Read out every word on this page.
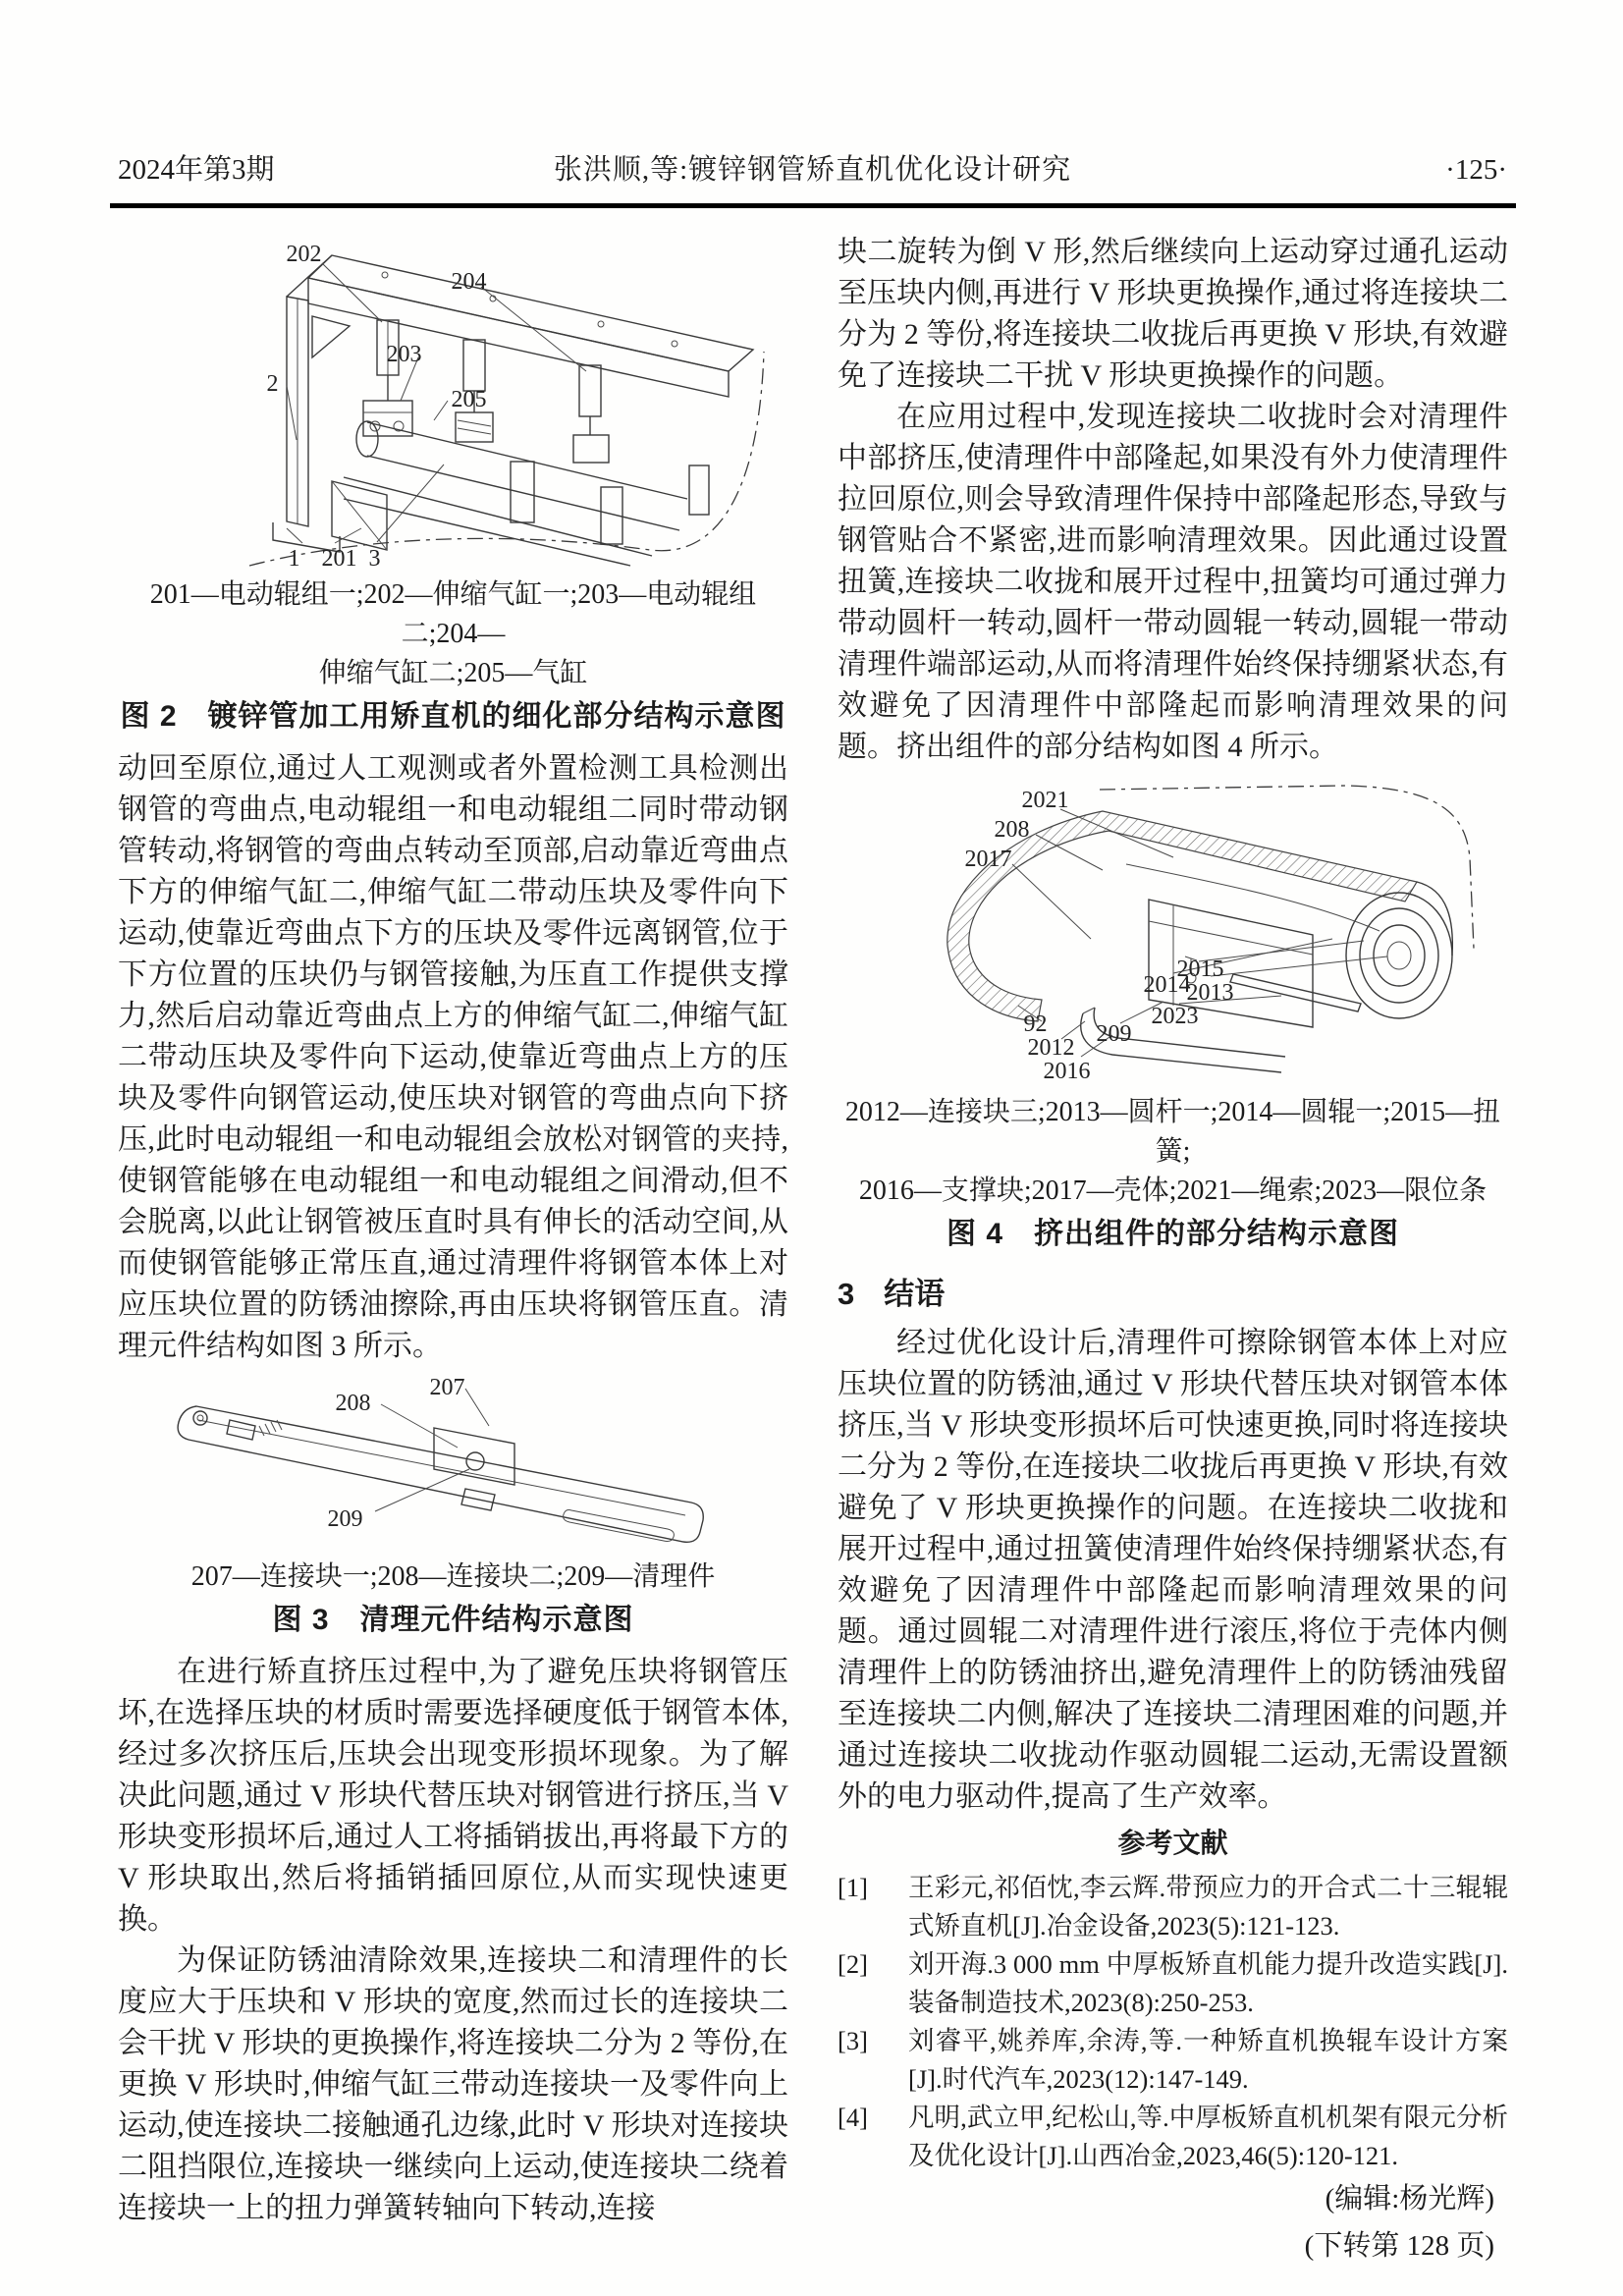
2024年第3期	张洪顺,等:镀锌钢管矫直机优化设计研究	·125·
202
204
203
2
205
1 201 3
201—电动辊组一;202—伸缩气缸一;203—电动辊组二;204—
伸缩气缸二;205—气缸
图 2　镀锌管加工用矫直机的细化部分结构示意图

动回至原位,通过人工观测或者外置检测工具检测出钢管的弯曲点,电动辊组一和电动辊组二同时带动钢管转动,将钢管的弯曲点转动至顶部,启动靠近弯曲点下方的伸缩气缸二,伸缩气缸二带动压块及零件向下运动,使靠近弯曲点下方的压块及零件远离钢管,位于下方位置的压块仍与钢管接触,为压直工作提供支撑力,然后启动靠近弯曲点上方的伸缩气缸二,伸缩气缸二带动压块及零件向下运动,使靠近弯曲点上方的压块及零件向钢管运动,使压块对钢管的弯曲点向下挤压,此时电动辊组一和电动辊组会放松对钢管的夹持,使钢管能够在电动辊组一和电动辊组之间滑动,但不会脱离,以此让钢管被压直时具有伸长的活动空间,从而使钢管能够正常压直,通过清理件将钢管本体上对应压块位置的防锈油擦除,再由压块将钢管压直。清理元件结构如图 3 所示。

208
207
209
207—连接块一;208—连接块二;209—清理件
图 3　清理元件结构示意图

在进行矫直挤压过程中,为了避免压块将钢管压坏,在选择压块的材质时需要选择硬度低于钢管本体,经过多次挤压后,压块会出现变形损坏现象。为了解决此问题,通过 V 形块代替压块对钢管进行挤压,当 V 形块变形损坏后,通过人工将插销拔出,再将最下方的 V 形块取出,然后将插销插回原位,从而实现快速更换。

为保证防锈油清除效果,连接块二和清理件的长度应大于压块和 V 形块的宽度,然而过长的连接块二会干扰 V 形块的更换操作,将连接块二分为 2 等份,在更换 V 形块时,伸缩气缸三带动连接块一及零件向上运动,使连接块二接触通孔边缘,此时 V 形块对连接块二阻挡限位,连接块一继续向上运动,使连接块二绕着连接块一上的扭力弹簧转轴向下转动,连接

块二旋转为倒 V 形,然后继续向上运动穿过通孔运动至压块内侧,再进行 V 形块更换操作,通过将连接块二分为 2 等份,将连接块二收拢后再更换 V 形块,有效避免了连接块二干扰 V 形块更换操作的问题。

在应用过程中,发现连接块二收拢时会对清理件中部挤压,使清理件中部隆起,如果没有外力使清理件拉回原位,则会导致清理件保持中部隆起形态,导致与钢管贴合不紧密,进而影响清理效果。因此通过设置扭簧,连接块二收拢和展开过程中,扭簧均可通过弹力带动圆杆一转动,圆杆一带动圆辊一转动,圆辊一带动清理件端部运动,从而将清理件始终保持绷紧状态,有效避免了因清理件中部隆起而影响清理效果的问题。挤出组件的部分结构如图 4 所示。

2021
208
2017
92
2012
2016
209
2014
2015
2013
2023
2012—连接块三;2013—圆杆一;2014—圆辊一;2015—扭簧;
2016—支撑块;2017—壳体;2021—绳索;2023—限位条
图 4　挤出组件的部分结构示意图
3 结语

经过优化设计后,清理件可擦除钢管本体上对应压块位置的防锈油,通过 V 形块代替压块对钢管本体挤压,当 V 形块变形损坏后可快速更换,同时将连接块二分为 2 等份,在连接块二收拢后再更换 V 形块,有效避免了 V 形块更换操作的问题。在连接块二收拢和展开过程中,通过扭簧使清理件始终保持绷紧状态,有效避免了因清理件中部隆起而影响清理效果的问题。通过圆辊二对清理件进行滚压,将位于壳体内侧清理件上的防锈油挤出,避免清理件上的防锈油残留至连接块二内侧,解决了连接块二清理困难的问题,并通过连接块二收拢动作驱动圆辊二运动,无需设置额外的电力驱动件,提高了生产效率。

参考文献

[1] 王彩元,祁佰忱,李云辉.带预应力的开合式二十三辊辊式矫直机[J].冶金设备,2023(5):121-123.

[2] 刘开海.3 000 mm 中厚板矫直机能力提升改造实践[J].装备制造技术,2023(8):250-253.

[3] 刘睿平,姚养库,余涛,等.一种矫直机换辊车设计方案[J].时代汽车,2023(12):147-149.

[4] 凡明,武立甲,纪松山,等.中厚板矫直机机架有限元分析及优化设计[J].山西冶金,2023,46(5):120-121.

(编辑:杨光辉)
(下转第 128 页)
